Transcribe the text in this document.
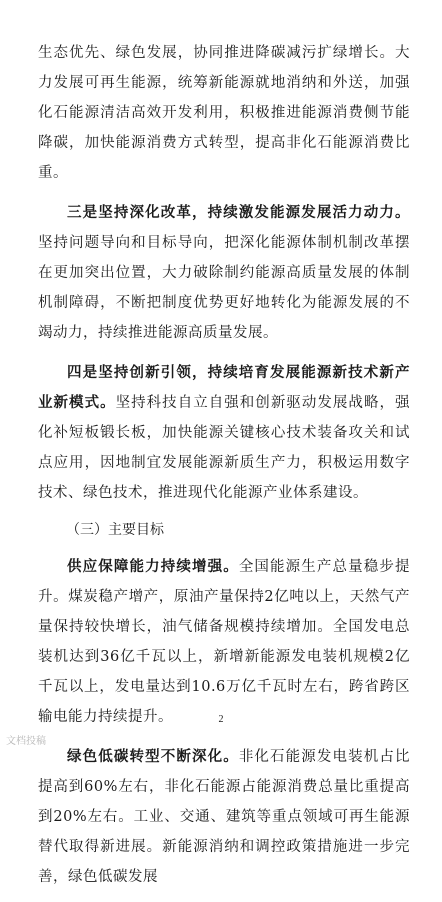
生态优先、绿色发展，协同推进降碳减污扩绿增长。大力发展可再生能源，统筹新能源就地消纳和外送，加强化石能源清洁高效开发利用，积极推进能源消费侧节能降碳，加快能源消费方式转型，提高非化石能源消费比重。

三是坚持深化改革，持续激发能源发展活力动力。坚持问题导向和目标导向，把深化能源体制机制改革摆在更加突出位置，大力破除制约能源高质量发展的体制机制障碍，不断把制度优势更好地转化为能源发展的不竭动力，持续推进能源高质量发展。

四是坚持创新引领，持续培育发展能源新技术新产业新模式。坚持科技自立自强和创新驱动发展战略，强化补短板锻长板，加快能源关键核心技术装备攻关和试点应用，因地制宜发展能源新质生产力，积极运用数字技术、绿色技术，推进现代化能源产业体系建设。

（三）主要目标

供应保障能力持续增强。全国能源生产总量稳步提升。煤炭稳产增产，原油产量保持2亿吨以上，天然气产量保持较快增长，油气储备规模持续增加。全国发电总装机达到36亿千瓦以上，新增新能源发电装机规模2亿千瓦以上，发电量达到10.6万亿千瓦时左右，跨省跨区输电能力持续提升。

绿色低碳转型不断深化。非化石能源发电装机占比提高到60%左右，非化石能源占能源消费总量比重提高到20%左右。工业、交通、建筑等重点领域可再生能源替代取得新进展。新能源消纳和调控政策措施进一步完善，绿色低碳发展

2
文档投稿
